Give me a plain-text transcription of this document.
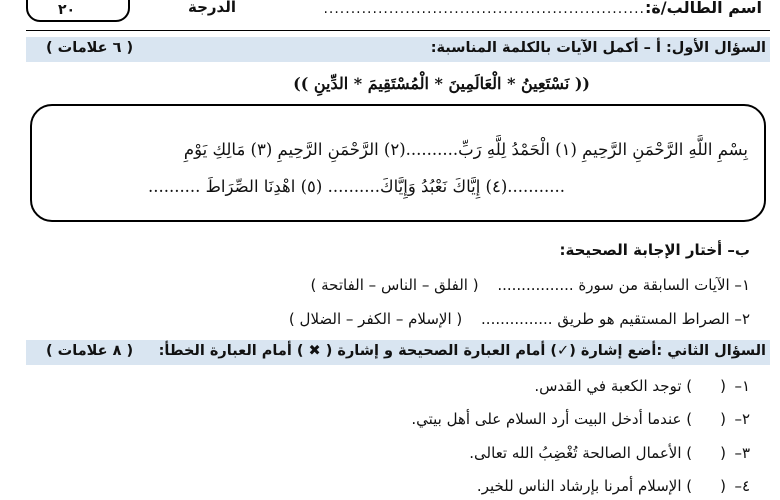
اسم الطالب/ة:
...........................................................
الدرجة
٢٠
السؤال الأول: أ – أكمل الآيات بالكلمة المناسبة:
( ٦ علامات )
(( نَسْتَعِينُ * الْعَالَمِينَ * الْمُسْتَقِيمَ * الدِّينِ ))
بِسْمِ اللَّهِ الرَّحْمَنِ الرَّحِيمِ (١) الْحَمْدُ لِلَّهِ رَبِّ..........(٢) الرَّحْمَنِ الرَّحِيمِ (٣) مَالِكِ يَوْمِ
...........(٤) إِيَّاكَ نَعْبُدُ وَإِيَّاكَ.......... (٥) اهْدِنَا الصِّرَاطَ ..........
ب– أختار الإجابة الصحيحة:
١– الآيات السابقة من سورة ................ ( الفلق – الناس – الفاتحة )
٢– الصراط المستقيم هو طريق ............... ( الإسلام – الكفر – الضلال )
السؤال الثاني :أضع إشارة (✓) أمام العبارة الصحيحة و إشارة ( ✖ ) أمام العبارة الخطأ:
( ٨ علامات )
١–() توجد الكعبة في القدس.
٢–() عندما أدخل البيت أرد السلام على أهل بيتي.
٣–() الأعمال الصالحة تُغْضِبُ الله تعالى.
٤–() الإسلام أمرنا بإرشاد الناس للخير.
